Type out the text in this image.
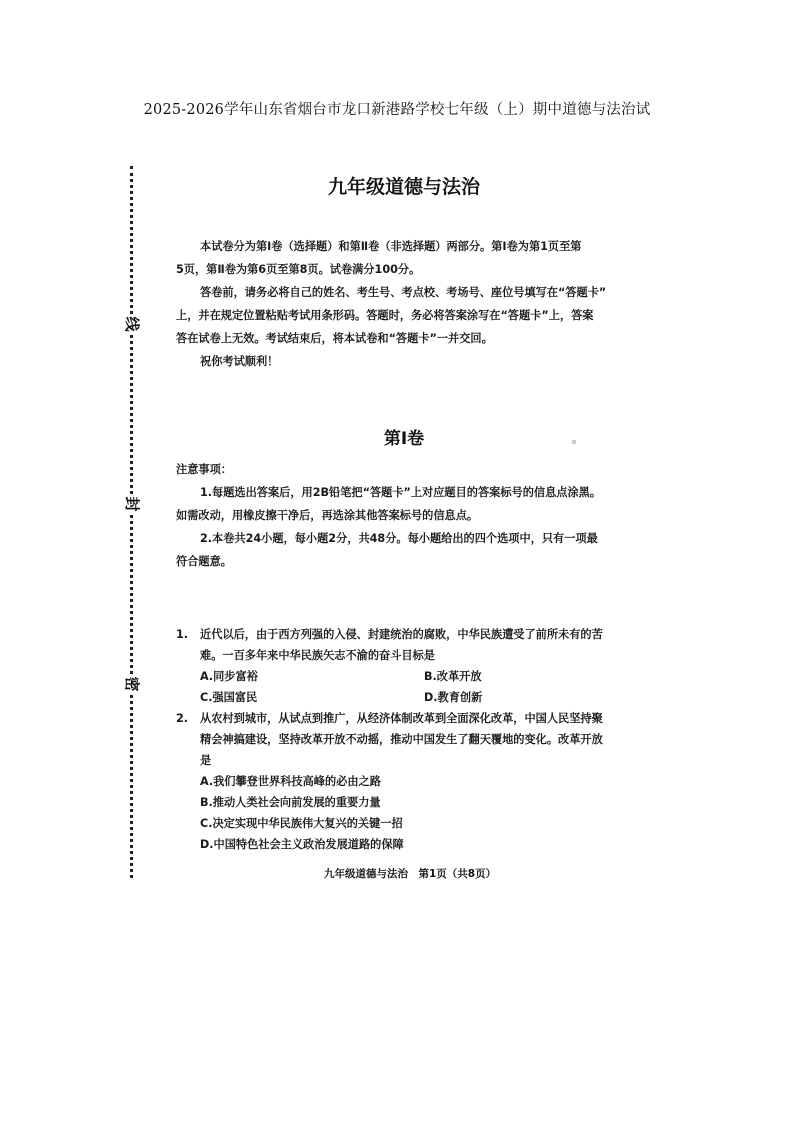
2025-2026学年山东省烟台市龙口新港路学校七年级（上）期中道德与法治试
线
封
密
九年级道德与法治
本试卷分为第Ⅰ卷（选择题）和第Ⅱ卷（非选择题）两部分。第Ⅰ卷为第1页至第
5页，第Ⅱ卷为第6页至第8页。试卷满分100分。
答卷前，请务必将自己的姓名、考生号、考点校、考场号、座位号填写在“答题卡”
上，并在规定位置粘贴考试用条形码。答题时，务必将答案涂写在“答题卡”上，答案
答在试卷上无效。考试结束后，将本试卷和“答题卡”一并交回。
祝你考试顺利！
第Ⅰ卷
注意事项：
1.每题选出答案后，用2B铅笔把“答题卡”上对应题目的答案标号的信息点涂黑。
如需改动，用橡皮擦干净后，再选涂其他答案标号的信息点。
2.本卷共24小题，每小题2分，共48分。每小题给出的四个选项中，只有一项最
符合题意。
1. 近代以后，由于西方列强的入侵、封建统治的腐败，中华民族遭受了前所未有的苦
难。一百多年来中华民族矢志不渝的奋斗目标是
A.同步富裕	B.改革开放
C.强国富民	D.教育创新
2. 从农村到城市，从试点到推广，从经济体制改革到全面深化改革，中国人民坚持聚
精会神搞建设，坚持改革开放不动摇，推动中国发生了翻天覆地的变化。改革开放
是
A.我们攀登世界科技高峰的必由之路
B.推动人类社会向前发展的重要力量
C.决定实现中华民族伟大复兴的关键一招
D.中国特色社会主义政治发展道路的保障
九年级道德与法治　第1页（共8页）
